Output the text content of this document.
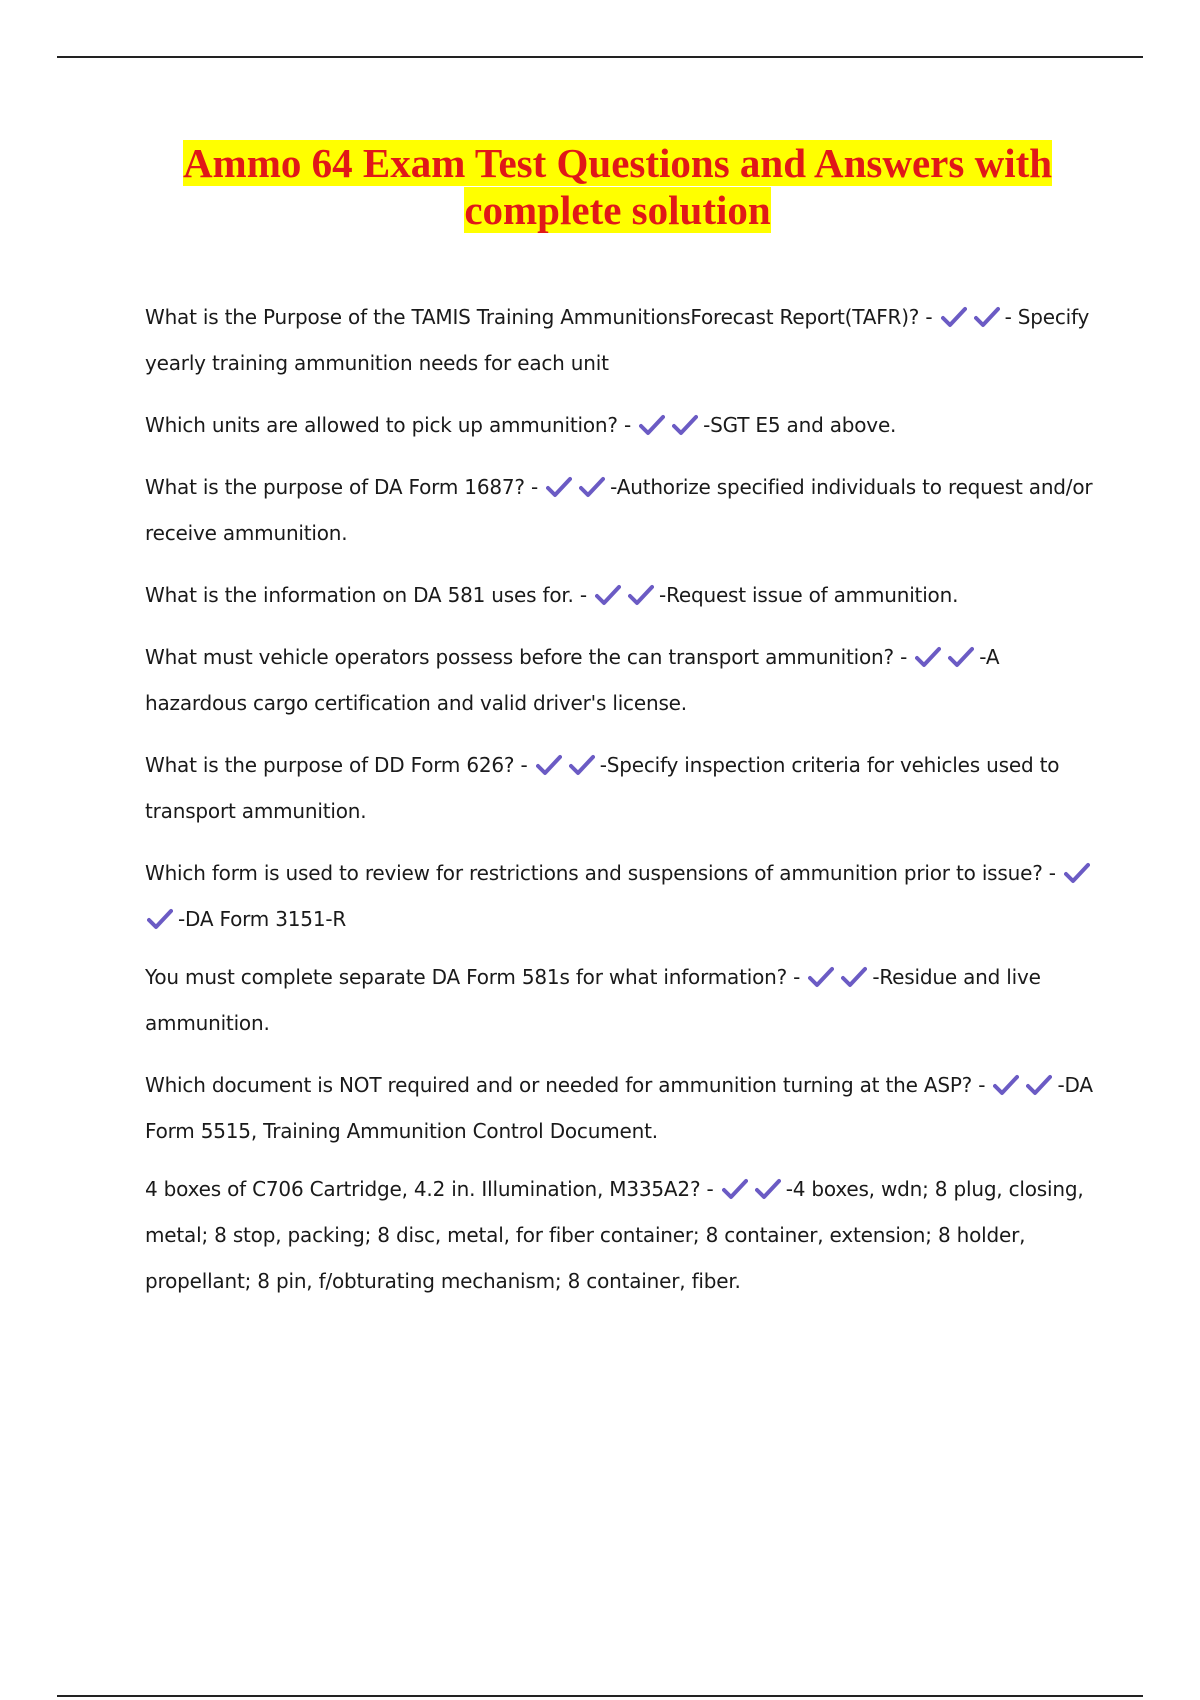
Ammo 64 Exam Test Questions and Answers with
complete solution

What is the Purpose of the TAMIS Training AmmunitionsForecast Report(TAFR)? -	- Specify yearly training ammunition needs for each unit

Which units are allowed to pick up ammunition? -	-SGT E5 and above.

What is the purpose of DA Form 1687? -	-Authorize specified individuals to request and/or receive ammunition.

What is the information on DA 581 uses for. -	-Request issue of ammunition.

What must vehicle operators possess before the can transport ammunition? -	-A hazardous cargo certification and valid driver's license.

What is the purpose of DD Form 626? -	-Specify inspection criteria for vehicles used to transport ammunition.

Which form is used to review for restrictions and suspensions of ammunition prior to issue? -
-DA Form 3151-R

You must complete separate DA Form 581s for what information? -	-Residue and live ammunition.

Which document is NOT required and or needed for ammunition turning at the ASP? -	-DA Form 5515, Training Ammunition Control Document.

4 boxes of C706 Cartridge, 4.2 in. Illumination, M335A2? -	-4 boxes, wdn; 8 plug, closing, metal; 8 stop, packing; 8 disc, metal, for fiber container; 8 container, extension; 8 holder, propellant; 8 pin, f/obturating mechanism; 8 container, fiber.
